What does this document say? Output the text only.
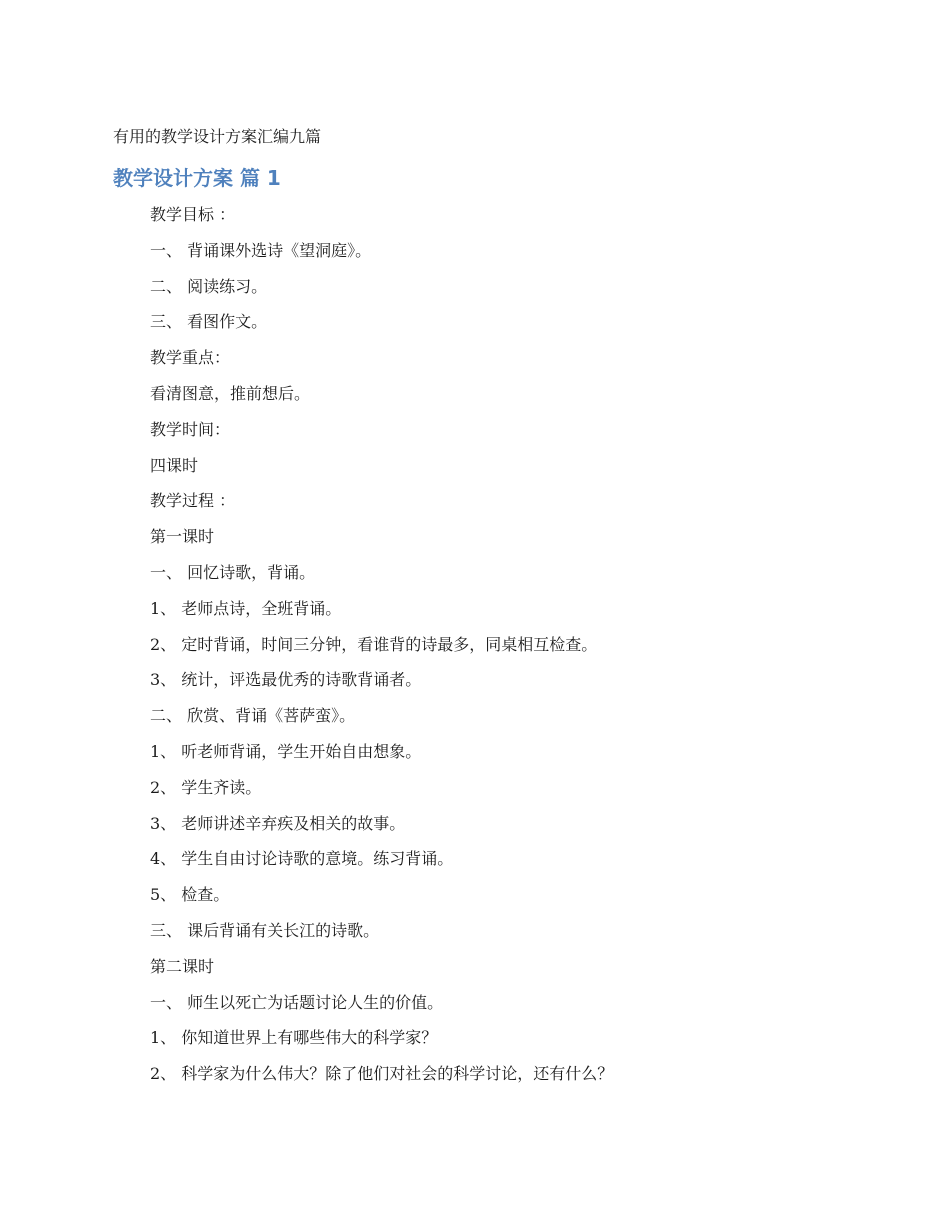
有用的教学设计方案汇编九篇
教学设计方案 篇 1
教学目标 ：
一、 背诵课外选诗《望洞庭》。
二、 阅读练习。
三、 看图作文。
教学重点：
看清图意，推前想后。
教学时间：
四课时
教学过程 ：
第一课时
一、 回忆诗歌，背诵。
1、 老师点诗，全班背诵。
2、 定时背诵，时间三分钟，看谁背的诗最多，同桌相互检查。
3、 统计，评选最优秀的诗歌背诵者。
二、 欣赏、背诵《菩萨蛮》。
1、 听老师背诵，学生开始自由想象。
2、 学生齐读。
3、 老师讲述辛弃疾及相关的故事。
4、 学生自由讨论诗歌的意境。练习背诵。
5、 检查。
三、 课后背诵有关长江的诗歌。
第二课时
一、 师生以死亡为话题讨论人生的价值。
1、 你知道世界上有哪些伟大的科学家？
2、 科学家为什么伟大？除了他们对社会的科学讨论，还有什么？
